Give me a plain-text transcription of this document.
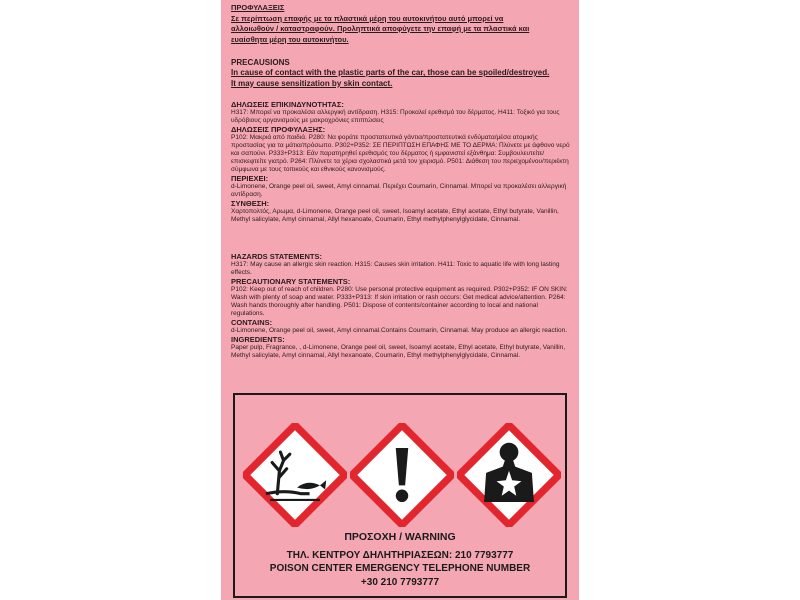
ΠΡΟΦΥΛΑΞΕΙΣ
Σε περίπτωση επαφής με τα πλαστικά μέρη του αυτοκινήτου αυτό μπορεί να
αλλοιωθούν / καταστραφούν. Προληπτικά αποφύγετε την επαφή με τα πλαστικά και
ευαίσθητα μέρη του αυτοκινήτου.
PRECAUSIONS
In cause of contact with the plastic parts of the car, those can be spoiled/destroyed.
It may cause sensitization by skin contact.
ΔΗΛΩΣΕΙΣ ΕΠΙΚΙΝΔΥΝΟΤΗΤΑΣ:
H317: Μπορεί να προκαλέσει αλλεργική αντίδραση. H315: Προκαλεί ερεθισμό του δέρματος. H411: Τοξικό για τους υδρόβιους οργανισμούς με μακροχρόνιες επιπτώσεις
ΔΗΛΩΣΕΙΣ ΠΡΟΦΥΛΑΞΗΣ:
P102: Μακριά από παιδιά. P280: Να φοράτε προστατευτικά γάντια/προστατευτικά ενδύματα/μέσα ατομικής προστασίας για τα μάτια/πρόσωπο. P302+P352: ΣΕ ΠΕΡΙΠΤΩΣΗ ΕΠΑΦΗΣ ΜΕ ΤΟ ΔΕΡΜΑ: Πλύνετε με άφθονο νερό και σαπούνι. P333+P313: Εάν παρατηρηθεί ερεθισμός του δέρματος ή εμφανιστεί εξάνθημα: Συμβουλευτείτε/επισκεφτείτε γιατρό. P264: Πλύνετε τα χέρια σχολαστικά μετά τον χειρισμό. P501: Διάθεση του περιεχομένου/περιέκτη σύμφωνα με τους τοπικούς και εθνικούς κανονισμούς.
ΠΕΡΙΕΧΕΙ:
d-Limonene, Orange peel oil, sweet, Amyl cinnamal. Περιέχει Coumarin, Cinnamal. Μπορεί να προκαλέσει αλλεργική αντίδραση.
ΣΥΝΘΕΣΗ:
Χαρτοπολτός, Αρωμα, d-Limonene, Orange peel oil, sweet, Isoamyl acetate, Ethyl acetate, Ethyl butyrate, Vanillin, Methyl salicylate, Amyl cinnamal, Allyl hexanoate, Coumarin, Ethyl methylphenylglycidate, Cinnamal.
HAZARDS STATEMENTS:
H317: May cause an allergic skin reaction. H315: Causes skin irritation. H411: Toxic to aquatic life with long lasting effects.
PRECAUTIONARY STATEMENTS:
P102: Keep out of reach of children. P280: Use personal protective equipment as required. P302+P352: IF ON SKIN: Wash with plenty of soap and water. P333+P313: If skin irritation or rash occurs: Get medical advice/attention. P264: Wash hands thoroughly after handling. P501: Dispose of contents/container according to local and national regulations.
CONTAINS:
d-Limonene, Orange peel oil, sweet, Amyl cinnamal.Contains Coumarin, Cinnamal. May produce an allergic reaction.
INGREDIENTS:
Paper pulp, Fragrance, , d-Limonene, Orange peel oil, sweet, Isoamyl acetate, Ethyl acetate, Ethyl butyrate, Vanillin, Methyl salicylate, Amyl cinnamal, Allyl hexanoate, Coumarin, Ethyl methylphenylglycidate, Cinnamal.
ΠΡΟΣΟΧΗ / WARNING
ΤΗΛ. ΚΕΝΤΡΟΥ ΔΗΛΗΤΗΡΙΑΣΕΩΝ: 210 7793777
POISON CENTER EMERGENCY TELEPHONE NUMBER
+30 210 7793777
